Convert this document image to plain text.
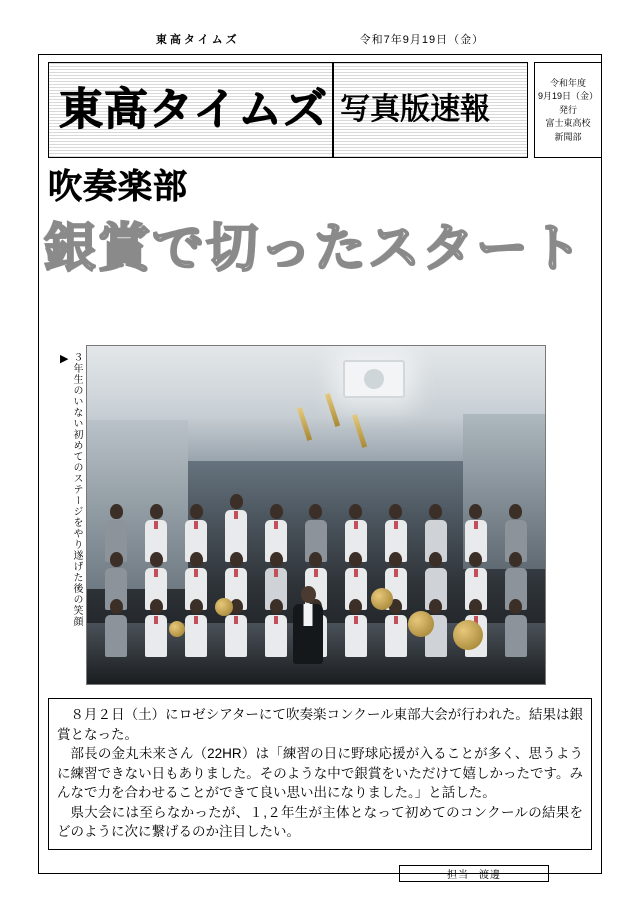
東高タイムズ	令和7年9月19日（金）
東高タイムズ 写真版速報
令和年度
9月19日（金）
発行
富士東高校
新聞部
吹奏楽部
銀賞で切ったスタート
▶ ３年生のいない初めてのステージをやり遂げた後の笑顔

８月２日（土）にロゼシアターにて吹奏楽コンクール東部大会が行われた。結果は銀賞となった。

部長の金丸未来さん（22HR）は「練習の日に野球応援が入ることが多く、思うように練習できない日もありました。そのような中で銀賞をいただけて嬉しかったです。みんなで力を合わせることができて良い思い出になりました。」と話した。

県大会には至らなかったが、１,２年生が主体となって初めてのコンクールの結果をどのように次に繋げるのか注目したい。

担当 渡邊
